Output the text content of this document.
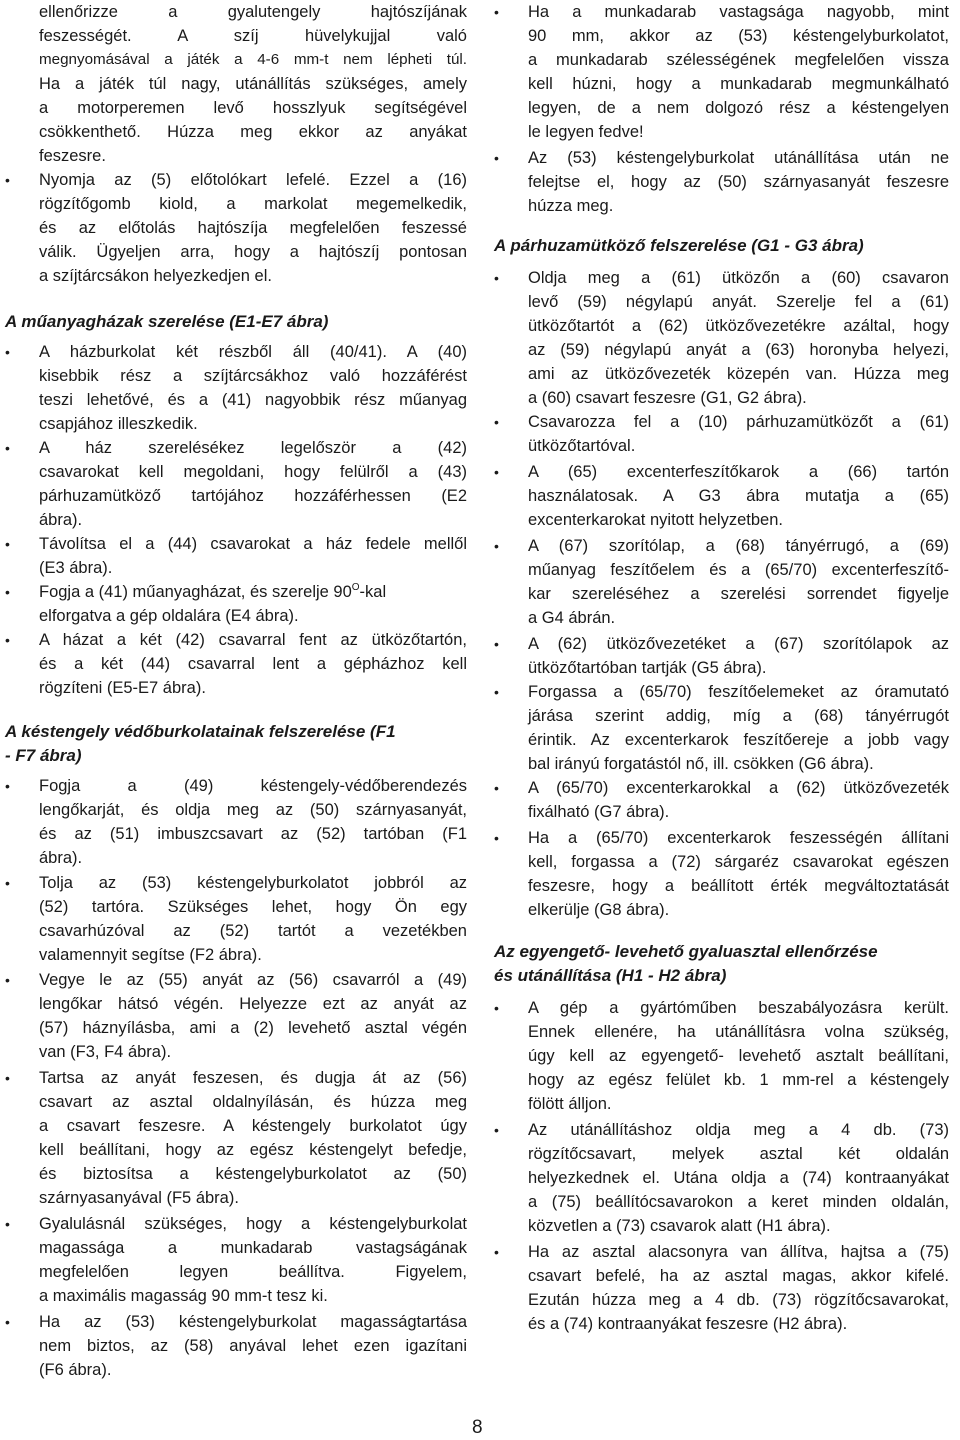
ellenőrizze a gyalutengely hajtószíjának
feszességét. A szíj hüvelykujjal való
megnyomásával a játék a 4-6 mm-t nem lépheti túl.
Ha a játék túl nagy, utánállítás szükséges, amely
a motorperemen levő hosszlyuk segítségével
csökkenthető. Húzza meg ekkor az anyákat
feszesre.
•	Nyomja az (5) előtolókart lefelé. Ezzel a (16)
rögzítőgomb kiold, a markolat megemelkedik,
és az előtolás hajtószíja megfelelően feszessé
válik. Ügyeljen arra, hogy a hajtószíj pontosan
a szíjtárcsákon helyezkedjen el.
A műanyagházak szerelése (E1-E7 ábra)
•	A házburkolat két részből áll (40/41). A (40)
kisebbik rész a szíjtárcsákhoz való hozzáférést
teszi lehetővé, és a (41) nagyobbik rész műanyag
csapjához illeszkedik.
•	A ház szerelésékez legelőször a (42)
csavarokat kell megoldani, hogy felülről a (43)
párhuzamütköző tartójához hozzáférhessen (E2
ábra).
•	Távolítsa el a (44) csavarokat a ház fedele mellől
(E3 ábra).
•	Fogja a (41) műanyagházat, és szerelje $90^O$-kal
elforgatva a gép oldalára (E4 ábra).
•	A házat a két (42) csavarral fent az ütközőtartón,
és a két (44) csavarral lent a gépházhoz kell
rögzíteni (E5-E7 ábra).
A késtengely védőburkolatainak felszerelése (F1
- F7 ábra)
•	Fogja a (49) késtengely-védőberendezés
lengőkarját, és oldja meg az (50) szárnyasanyát,
és az (51) imbuszcsavart az (52) tartóban (F1
ábra).
•	Tolja az (53) késtengelyburkolatot jobbról az
(52) tartóra. Szükséges lehet, hogy Ön egy
csavarhúzóval az (52) tartót a vezetékben
valamennyit segítse (F2 ábra).
•	Vegye le az (55) anyát az (56) csavarról a (49)
lengőkar hátsó végén. Helyezze ezt az anyát az
(57) háznyílásba, ami a (2) levehető asztal végén
van (F3, F4 ábra).
•	Tartsa az anyát feszesen, és dugja át az (56)
csavart az asztal oldalnyílásán, és húzza meg
a csavart feszesre. A késtengely burkolatot úgy
kell beállítani, hogy az egész késtengelyt befedje,
és biztosítsa a késtengelyburkolatot az (50)
szárnyasanyával (F5 ábra).
•	Gyalulásnál szükséges, hogy a késtengelyburkolat
magassága a munkadarab vastagságának
megfelelően legyen beállítva. Figyelem,
a maximális magasság 90 mm-t tesz ki.
•	Ha az (53) késtengelyburkolat magasságtartása
nem biztos, az (58) anyával lehet ezen igazítani
(F6 ábra).
•	Ha a munkadarab vastagsága nagyobb, mint
90 mm, akkor az (53) késtengelyburkolatot,
a munkadarab szélességének megfelelően vissza
kell húzni, hogy a munkadarab megmunkálható
legyen, de a nem dolgozó rész a késtengelyen
le legyen fedve!
•	Az (53) késtengelyburkolat utánállítása után ne
felejtse el, hogy az (50) szárnyasanyát feszesre
húzza meg.
A párhuzamütköző felszerelése (G1 - G3 ábra)
•	Oldja meg a (61) ütközőn a (60) csavaron
levő (59) négylapú anyát. Szerelje fel a (61)
ütközőtartót a (62) ütközővezetékre azáltal, hogy
az (59) négylapú anyát a (63) horonyba helyezi,
ami az ütközővezeték közepén van. Húzza meg
a (60) csavart feszesre (G1, G2 ábra).
•	Csavarozza fel a (10) párhuzamütközőt a (61)
ütközőtartóval.
•	A (65) excenterfeszítőkarok a (66) tartón
használatosak. A G3 ábra mutatja a (65)
excenterkarokat nyitott helyzetben.
•	A (67) szorítólap, a (68) tányérrugó, a (69)
műanyag feszítőelem és a (65/70) excenterfeszítő-
kar szereléséhez a szerelési sorrendet figyelje
a G4 ábrán.
•	A (62) ütközővezetéket a (67) szorítólapok az
ütközőtartóban tartják (G5 ábra).
•	Forgassa a (65/70) feszítőelemeket az óramutató
járása szerint addig, míg a (68) tányérrugót
érintik. Az excenterkarok feszítőereje a jobb vagy
bal irányú forgatástól nő, ill. csökken (G6 ábra).
•	A (65/70) excenterkarokkal a (62) ütközővezeték
fixálható (G7 ábra).
•	Ha a (65/70) excenterkarok feszességén állítani
kell, forgassa a (72) sárgaréz csavarokat egészen
feszesre, hogy a beállított érték megváltoztatását
elkerülje (G8 ábra).
Az egyengető- levehető gyaluasztal ellenőrzése
és utánállítása (H1 - H2 ábra)
•	A gép a gyártóműben beszabályozásra került.
Ennek ellenére, ha utánállításra volna szükség,
úgy kell az egyengető- levehető asztalt beállítani,
hogy az egész felület kb. 1 mm-rel a késtengely
fölött álljon.
•	Az utánállításhoz oldja meg a 4 db. (73)
rögzítőcsavart, melyek asztal két oldalán
helyezkednek el. Utána oldja a (74) kontraanyákat
a (75) beállítócsavarokon a keret minden oldalán,
közvetlen a (73) csavarok alatt (H1 ábra).
•	Ha az asztal alacsonyra van állítva, hajtsa a (75)
csavart befelé, ha az asztal magas, akkor kifelé.
Ezután húzza meg a 4 db. (73) rögzítőcsavarokat,
és a (74) kontraanyákat feszesre (H2 ábra).
8
